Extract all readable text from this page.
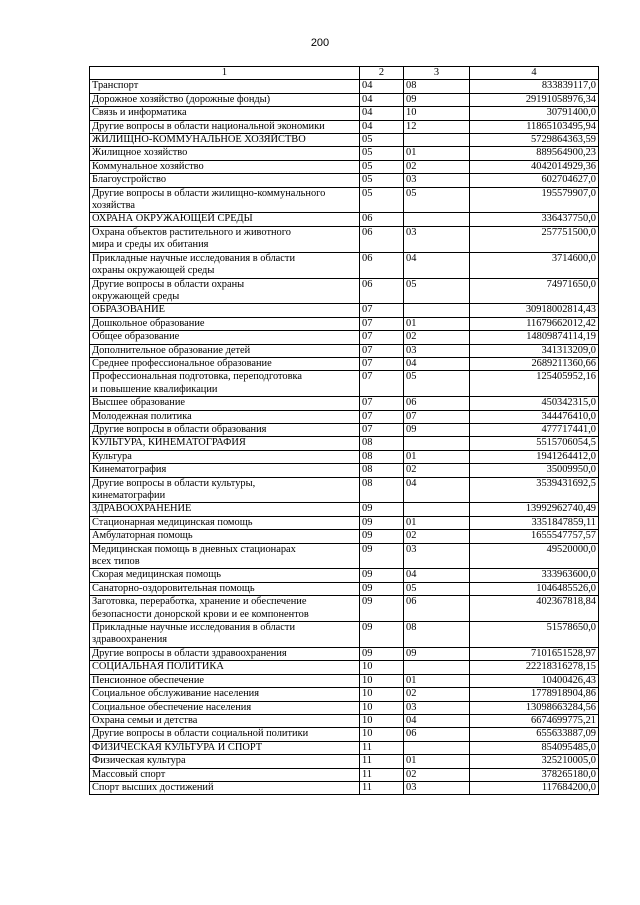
200
1	2	3	4
Транспорт	04	08	833839117,0
Дорожное хозяйство (дорожные фонды)	04	09	29191058976,34
Связь и информатика	04	10	30791400,0
Другие вопросы в области национальной экономики	04	12	11865103495,94
ЖИЛИЩНО-КОММУНАЛЬНОЕ ХОЗЯЙСТВО	05		5729864363,59
Жилищное хозяйство	05	01	889564900,23
Коммунальное хозяйство	05	02	4042014929,36
Благоустройство	05	03	602704627,0
Другие вопросы в области жилищно-коммунального
хозяйства	05	05	195579907,0
ОХРАНА ОКРУЖАЮЩЕЙ СРЕДЫ	06		336437750,0
Охрана объектов растительного и животного
мира и среды их обитания	06	03	257751500,0
Прикладные научные исследования в области
охраны окружающей среды	06	04	3714600,0
Другие вопросы в области охраны
окружающей среды	06	05	74971650,0
ОБРАЗОВАНИЕ	07		30918002814,43
Дошкольное образование	07	01	11679662012,42
Общее образование	07	02	14809874114,19
Дополнительное образование детей	07	03	341313209,0
Среднее профессиональное образование	07	04	2689211360,66
Профессиональная подготовка, переподготовка
и повышение квалификации	07	05	125405952,16
Высшее образование	07	06	450342315,0
Молодежная политика	07	07	344476410,0
Другие вопросы в области образования	07	09	477717441,0
КУЛЬТУРА, КИНЕМАТОГРАФИЯ	08		5515706054,5
Культура	08	01	1941264412,0
Кинематография	08	02	35009950,0
Другие вопросы в области культуры,
кинематографии	08	04	3539431692,5
ЗДРАВООХРАНЕНИЕ	09		13992962740,49
Стационарная медицинская помощь	09	01	3351847859,11
Амбулаторная помощь	09	02	1655547757,57
Медицинская помощь в дневных стационарах
всех типов	09	03	49520000,0
Скорая медицинская помощь	09	04	333963600,0
Санаторно-оздоровительная помощь	09	05	1046485526,0
Заготовка, переработка, хранение и обеспечение
безопасности донорской крови и ее компонентов	09	06	402367818,84
Прикладные научные исследования в области
здравоохранения	09	08	51578650,0
Другие вопросы в области здравоохранения	09	09	7101651528,97
СОЦИАЛЬНАЯ ПОЛИТИКА	10		22218316278,15
Пенсионное обеспечение	10	01	10400426,43
Социальное обслуживание населения	10	02	1778918904,86
Социальное обеспечение населения	10	03	13098663284,56
Охрана семьи и детства	10	04	6674699775,21
Другие вопросы в области социальной политики	10	06	655633887,09
ФИЗИЧЕСКАЯ КУЛЬТУРА И СПОРТ	11		854095485,0
Физическая культура	11	01	325210005,0
Массовый спорт	11	02	378265180,0
Спорт высших достижений	11	03	117684200,0
